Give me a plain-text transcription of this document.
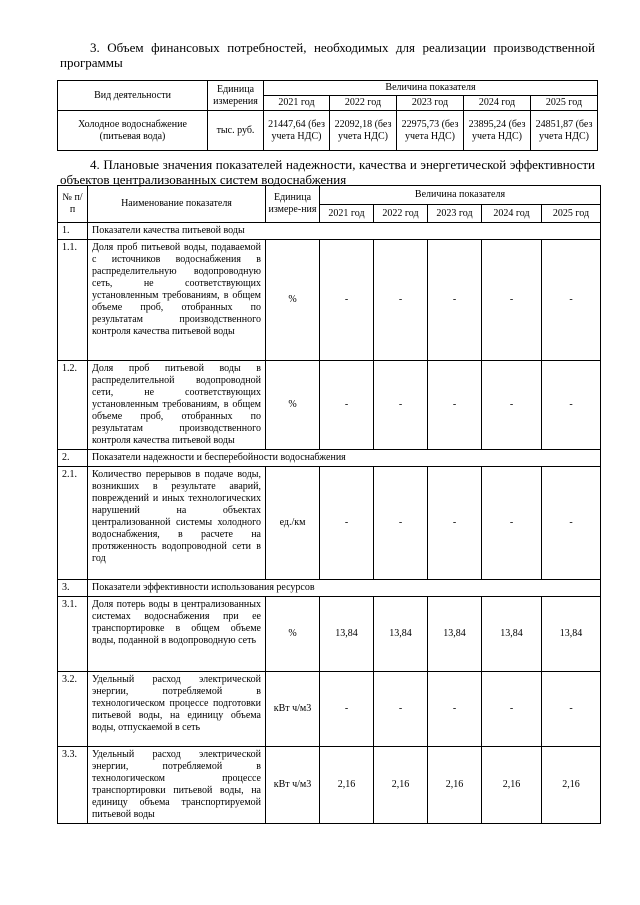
3. Объем финансовых потребностей, необходимых для реализации производственной программы

Вид деятельности	Единица измерения	Величина показателя				
		2021 год	2022 год	2023 год	2024 год	2025 год
Холодное водоснабжение (питьевая вода)	тыс. руб.	21447,64 (без учета НДС)	22092,18 (без учета НДС)	22975,73 (без учета НДС)	23895,24 (без учета НДС)	24851,87 (без учета НДС)

4. Плановые значения показателей надежности, качества и энергетической эффективности объектов централизованных систем водоснабжения

№ п/п	Наименование показателя	Единица измере-ния	Величина показателя				
			2021 год	2022 год	2023 год	2024 год	2025 год
1.	Показатели качества питьевой воды						
1.1.	Доля проб питьевой воды, подаваемой с источников водоснабжения в распределительную водопроводную сеть, не соответствующих установленным требованиям, в общем объеме проб, отобранных по результатам производственного контроля качества питьевой воды	%	-	-	-	-	-
1.2.	Доля проб питьевой воды в распределительной водопроводной сети, не соответствующих установленным требованиям, в общем объеме проб, отобранных по результатам производственного контроля качества питьевой воды	%	-	-	-	-	-
2.	Показатели надежности и бесперебойности водоснабжения						
2.1.	Количество перерывов в подаче воды, возникших в результате аварий, повреждений и иных технологических нарушений на объектах централизованной системы холодного водоснабжения, в расчете на протяженность водопроводной сети в год	ед./км	-	-	-	-	-
3.	Показатели эффективности использования ресурсов						
3.1.	Доля потерь воды в централизованных системах водоснабжения при ее транспортировке в общем объеме воды, поданной в водопроводную сеть	%	13,84	13,84	13,84	13,84	13,84
3.2.	Удельный расход электрической энергии, потребляемой в технологическом процессе подготовки питьевой воды, на единицу объема воды, отпускаемой в сеть	кВт ч/м3	-	-	-	-	-
3.3.	Удельный расход электрической энергии, потребляемой в технологическом процессе транспортировки питьевой воды, на единицу объема транспортируемой питьевой воды	кВт ч/м3	2,16	2,16	2,16	2,16	2,16
